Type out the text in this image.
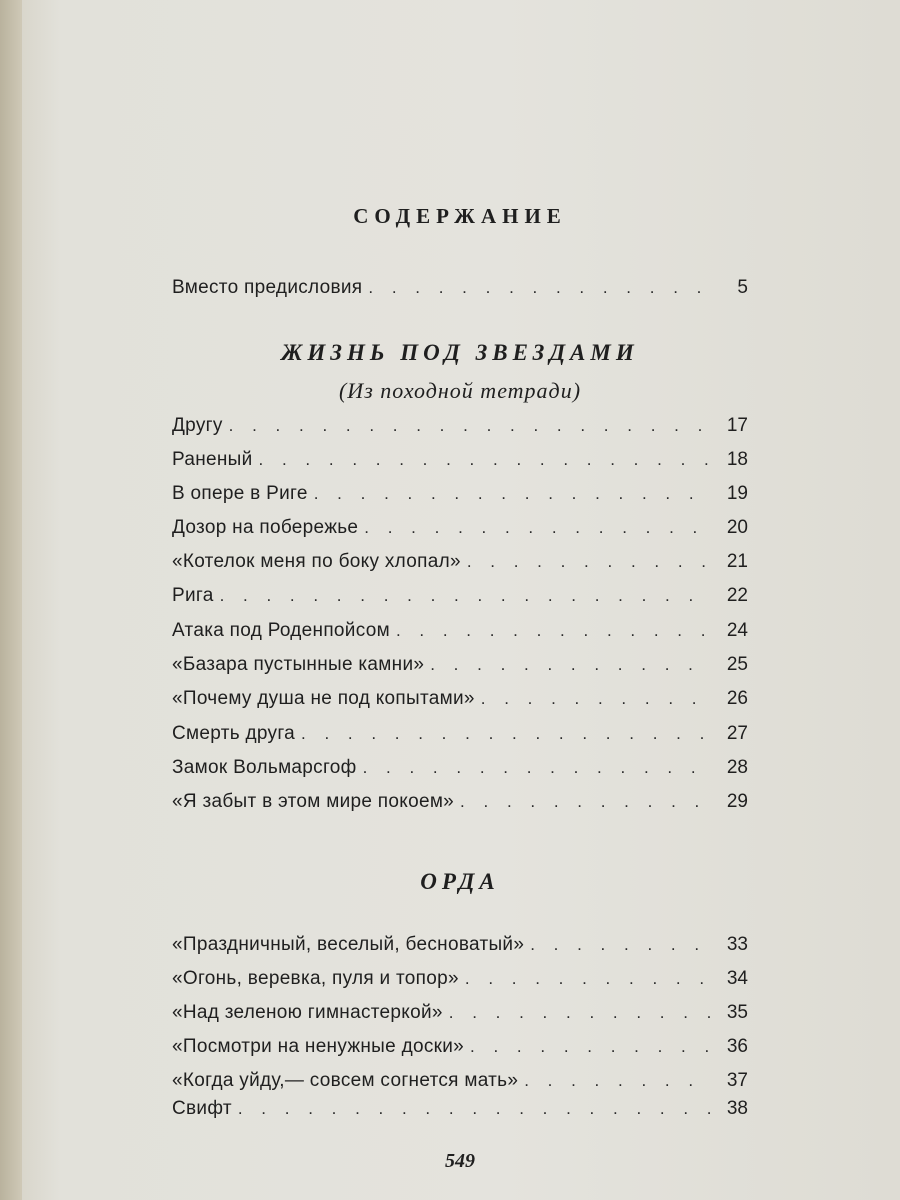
СОДЕРЖАНИЕ
Вместо предисловия . . .	5
ЖИЗНЬ ПОД ЗВЕЗДАМИ
(Из походной тетради)
Другу . . .	17
Раненый . . .	18
В опере в Риге . . .	19
Дозор на побережье . . .	20
«Котелок меня по боку хлопал» . . .	21
Рига . . .	22
Атака под Роденпойсом . . .	24
«Базара пустынные камни» . . .	25
«Почему душа не под копытами» . . .	26
Смерть друга . . .	27
Замок Вольмарсгоф . . .	28
«Я забыт в этом мире покоем» . . .	29
ОРДА
«Праздничный, веселый, бесноватый» . . .	33
«Огонь, веревка, пуля и топор» . . .	34
«Над зеленою гимнастеркой» . . .	35
«Посмотри на ненужные доски» . . .	36
«Когда уйду,— совсем согнется мать» . . .	37
Свифт . . .	38
549
